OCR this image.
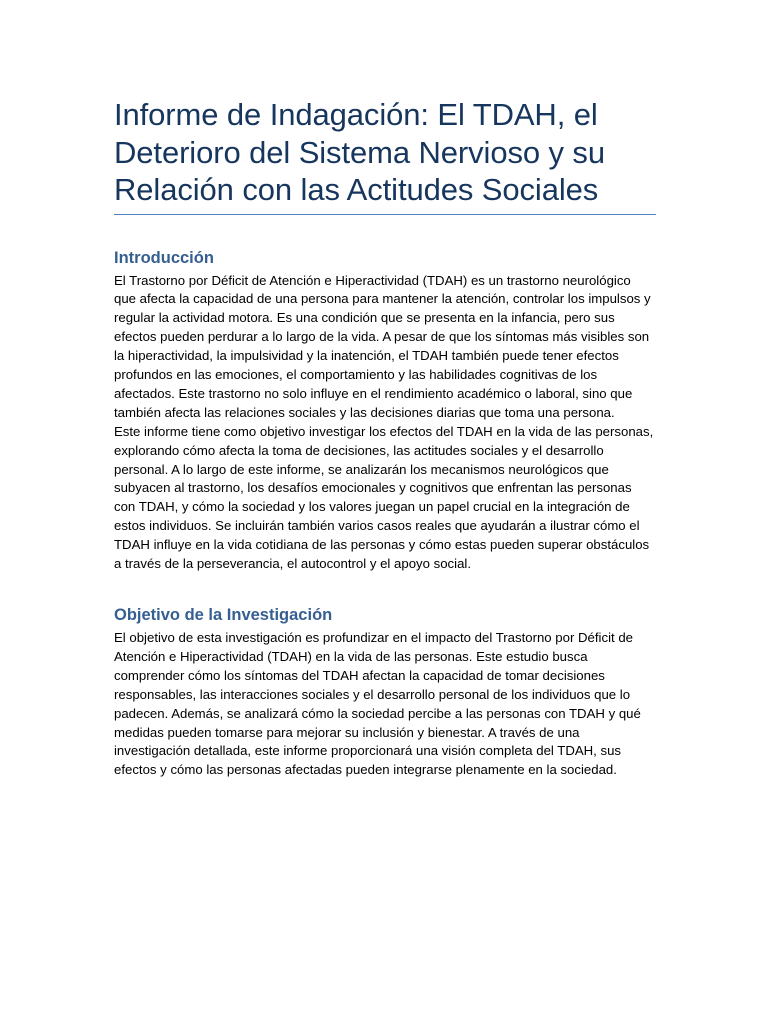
Informe de Indagación: El TDAH, el Deterioro del Sistema Nervioso y su Relación con las Actitudes Sociales
Introducción

El Trastorno por Déficit de Atención e Hiperactividad (TDAH) es un trastorno neurológico que afecta la capacidad de una persona para mantener la atención, controlar los impulsos y regular la actividad motora. Es una condición que se presenta en la infancia, pero sus efectos pueden perdurar a lo largo de la vida. A pesar de que los síntomas más visibles son la hiperactividad, la impulsividad y la inatención, el TDAH también puede tener efectos profundos en las emociones, el comportamiento y las habilidades cognitivas de los afectados. Este trastorno no solo influye en el rendimiento académico o laboral, sino que también afecta las relaciones sociales y las decisiones diarias que toma una persona.

Este informe tiene como objetivo investigar los efectos del TDAH en la vida de las personas, explorando cómo afecta la toma de decisiones, las actitudes sociales y el desarrollo personal. A lo largo de este informe, se analizarán los mecanismos neurológicos que subyacen al trastorno, los desafíos emocionales y cognitivos que enfrentan las personas con TDAH, y cómo la sociedad y los valores juegan un papel crucial en la integración de estos individuos. Se incluirán también varios casos reales que ayudarán a ilustrar cómo el TDAH influye en la vida cotidiana de las personas y cómo estas pueden superar obstáculos a través de la perseverancia, el autocontrol y el apoyo social.

Objetivo de la Investigación

El objetivo de esta investigación es profundizar en el impacto del Trastorno por Déficit de Atención e Hiperactividad (TDAH) en la vida de las personas. Este estudio busca comprender cómo los síntomas del TDAH afectan la capacidad de tomar decisiones responsables, las interacciones sociales y el desarrollo personal de los individuos que lo padecen. Además, se analizará cómo la sociedad percibe a las personas con TDAH y qué medidas pueden tomarse para mejorar su inclusión y bienestar. A través de una investigación detallada, este informe proporcionará una visión completa del TDAH, sus efectos y cómo las personas afectadas pueden integrarse plenamente en la sociedad.
